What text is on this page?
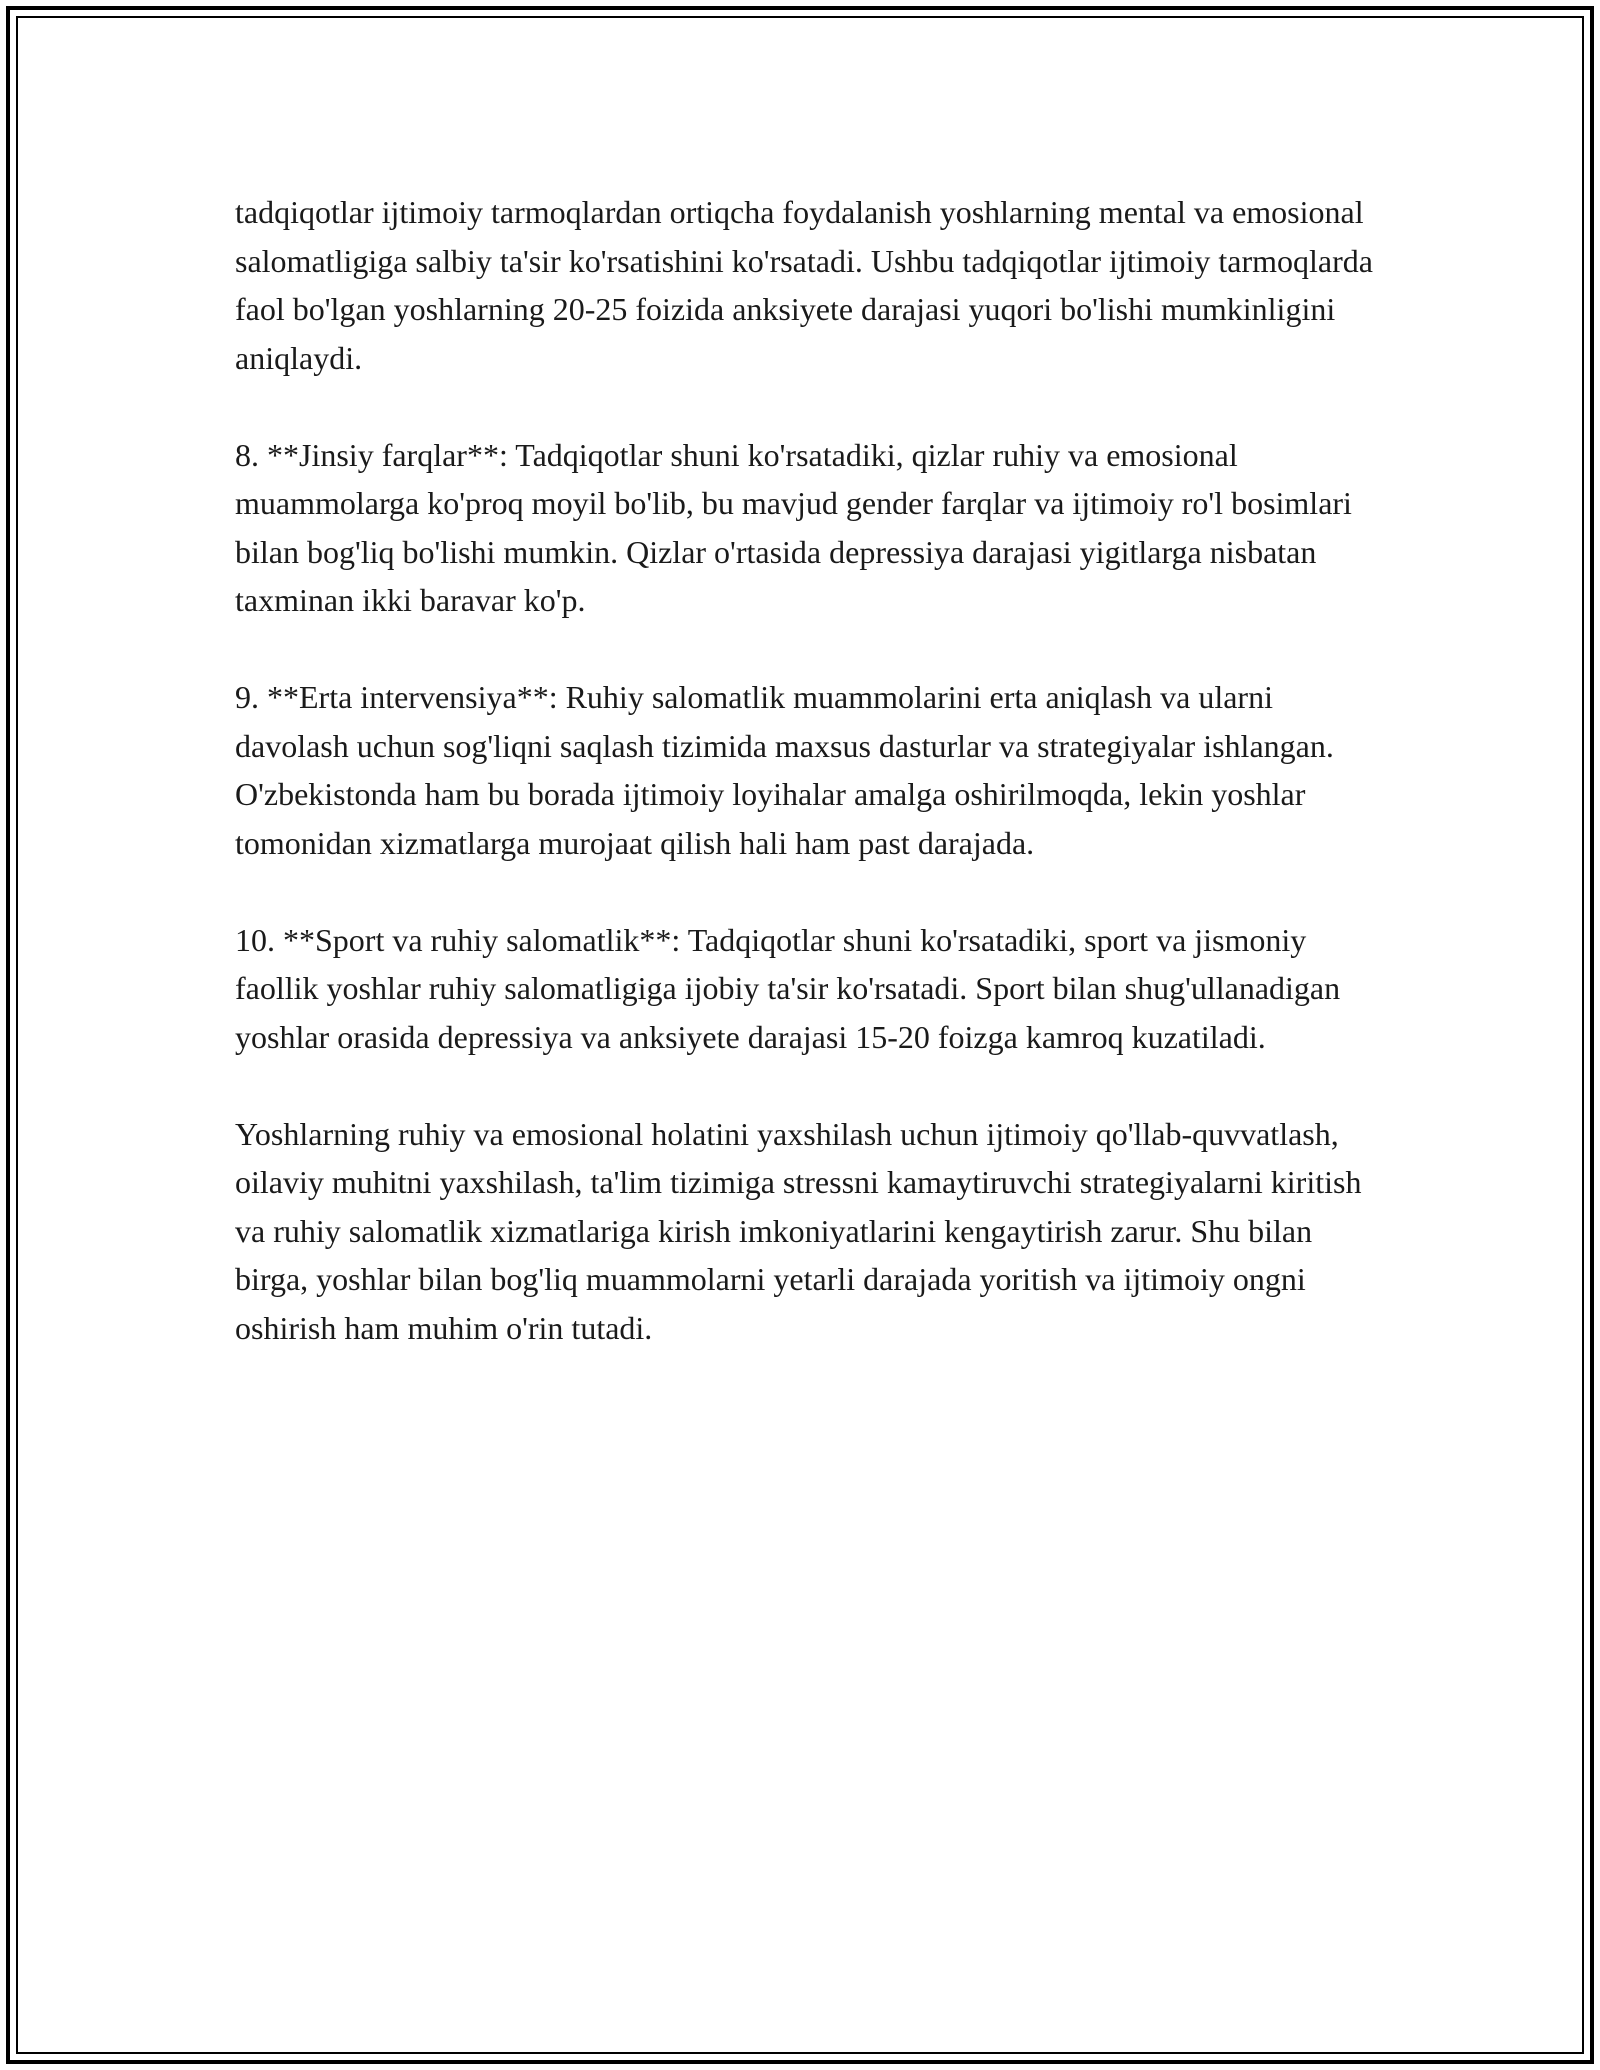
tadqiqotlar ijtimoiy tarmoqlardan ortiqcha foydalanish yoshlarning mental va emosional salomatligiga salbiy ta'sir ko'rsatishini ko'rsatadi. Ushbu tadqiqotlar ijtimoiy tarmoqlarda faol bo'lgan yoshlarning 20-25 foizida anksiyete darajasi yuqori bo'lishi mumkinligini aniqlaydi.

8. **Jinsiy farqlar**: Tadqiqotlar shuni ko'rsatadiki, qizlar ruhiy va emosional muammolarga ko'proq moyil bo'lib, bu mavjud gender farqlar va ijtimoiy ro'l bosimlari bilan bog'liq bo'lishi mumkin. Qizlar o'rtasida depressiya darajasi yigitlarga nisbatan taxminan ikki baravar ko'p.

9. **Erta intervensiya**: Ruhiy salomatlik muammolarini erta aniqlash va ularni davolash uchun sog'liqni saqlash tizimida maxsus dasturlar va strategiyalar ishlangan. O'zbekistonda ham bu borada ijtimoiy loyihalar amalga oshirilmoqda, lekin yoshlar tomonidan xizmatlarga murojaat qilish hali ham past darajada.

10. **Sport va ruhiy salomatlik**: Tadqiqotlar shuni ko'rsatadiki, sport va jismoniy faollik yoshlar ruhiy salomatligiga ijobiy ta'sir ko'rsatadi. Sport bilan shug'ullanadigan yoshlar orasida depressiya va anksiyete darajasi 15-20 foizga kamroq kuzatiladi.

Yoshlarning ruhiy va emosional holatini yaxshilash uchun ijtimoiy qo'llab-quvvatlash, oilaviy muhitni yaxshilash, ta'lim tizimiga stressni kamaytiruvchi strategiyalarni kiritish va ruhiy salomatlik xizmatlariga kirish imkoniyatlarini kengaytirish zarur. Shu bilan birga, yoshlar bilan bog'liq muammolarni yetarli darajada yoritish va ijtimoiy ongni oshirish ham muhim o'rin tutadi.
